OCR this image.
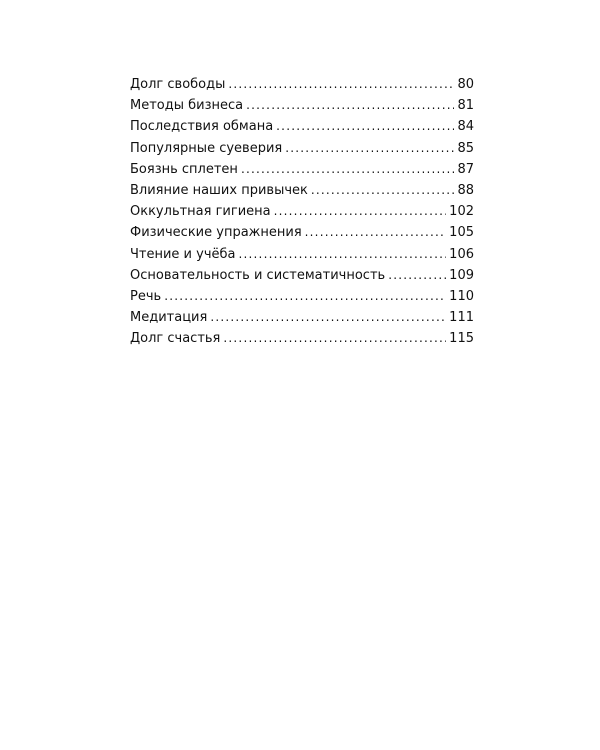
Долг свободы .....	80
Методы бизнеса .....	81
Последствия обмана .....	84
Популярные суеверия .....	85
Боязнь сплетен .....	87
Влияние наших привычек .....	88
Оккультная гигиена .....	102
Физические упражнения .....	105
Чтение и учёба .....	106
Основательность и систематичность .....	109
Речь .....	110
Медитация .....	111
Долг счастья .....	115
